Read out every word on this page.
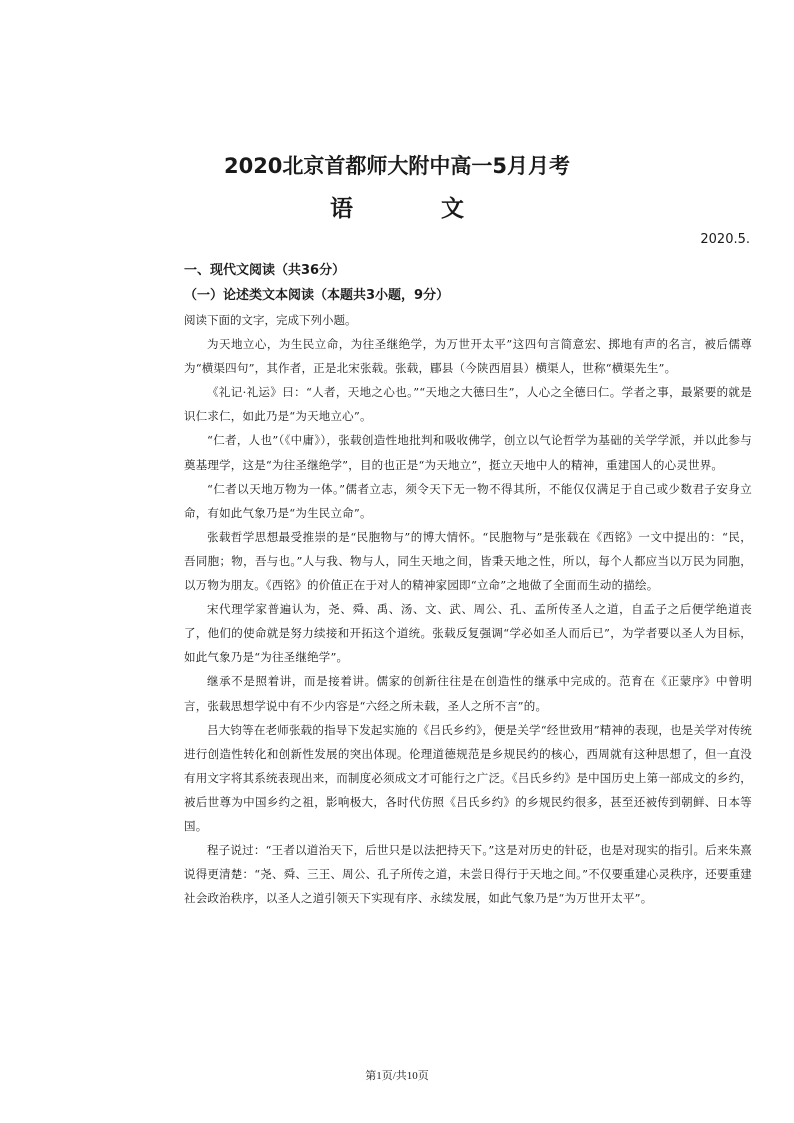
2020北京首都师大附中高一5月月考
语 文

2020.5.

一、现代文阅读（共36分）

（一）论述类文本阅读（本题共3小题，9分）

阅读下面的文字，完成下列小题。

为天地立心，为生民立命，为往圣继绝学，为万世开太平”这四句言简意宏、掷地有声的名言，被后儒尊为“横渠四句”，其作者，正是北宋张载。张载，郿县（今陕西眉县）横渠人，世称“横渠先生”。

《礼记·礼运》曰：“人者，天地之心也。”“天地之大德曰生”，人心之全德曰仁。学者之事，最紧要的就是识仁求仁，如此乃是“为天地立心”。

“仁者，人也”（《中庸》），张载创造性地批判和吸收佛学，创立以气论哲学为基础的关学学派，并以此参与奠基理学，这是“为往圣继绝学”，目的也正是“为天地立”，挺立天地中人的精神，重建国人的心灵世界。

“仁者以天地万物为一体。”儒者立志，须令天下无一物不得其所，不能仅仅满足于自己或少数君子安身立命，有如此气象乃是“为生民立命”。

张载哲学思想最受推崇的是“民胞物与”的博大情怀。“民胞物与”是张载在《西铭》一文中提出的：“民，吾同胞；物，吾与也。”人与我、物与人，同生天地之间，皆秉天地之性，所以，每个人都应当以万民为同胞，以万物为朋友。《西铭》的价值正在于对人的精神家园即“立命”之地做了全面而生动的描绘。

宋代理学家普遍认为，尧、舜、禹、汤、文、武、周公、孔、孟所传圣人之道，自孟子之后便学绝道丧了，他们的使命就是努力续接和开拓这个道统。张载反复强调“学必如圣人而后已”，为学者要以圣人为目标，如此气象乃是“为往圣继绝学”。

继承不是照着讲，而是接着讲。儒家的创新往往是在创造性的继承中完成的。范育在《正蒙序》中曾明言，张载思想学说中有不少内容是“六经之所未载，圣人之所不言”的。

吕大钧等在老师张载的指导下发起实施的《吕氏乡约》，便是关学“经世致用”精神的表现，也是关学对传统进行创造性转化和创新性发展的突出体现。伦理道德规范是乡规民约的核心，西周就有这种思想了，但一直没有用文字将其系统表现出来，而制度必须成文才可能行之广泛。《吕氏乡约》是中国历史上第一部成文的乡约，被后世尊为中国乡约之祖，影响极大，各时代仿照《吕氏乡约》的乡规民约很多，甚至还被传到朝鲜、日本等国。

程子说过：“王者以道治天下，后世只是以法把持天下。”这是对历史的针砭，也是对现实的指引。后来朱熹说得更清楚：“尧、舜、三王、周公、孔子所传之道，未尝日得行于天地之间。”不仅要重建心灵秩序，还要重建社会政治秩序，以圣人之道引领天下实现有序、永续发展，如此气象乃是“为万世开太平”。

第1页/共10页
